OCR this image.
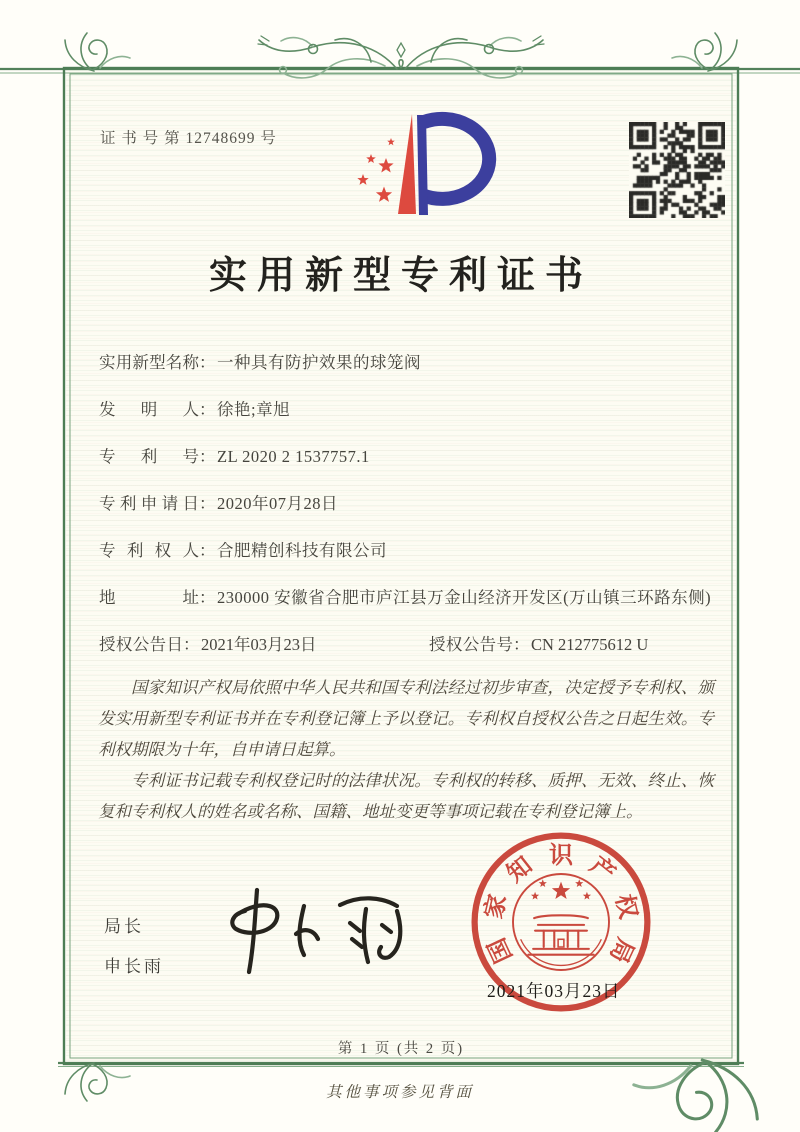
证 书 号 第 12748699 号
实用新型专利证书
实用新型名称 ： 一种具有防护效果的球笼阀
发明人 ： 徐艳;章旭
专利号 ： ZL 2020 2 1537757.1
专利申请日 ： 2020年07月28日
专利权人 ： 合肥精创科技有限公司
地址 ： 230000 安徽省合肥市庐江县万金山经济开发区(万山镇三环路东侧)
授权公告日 ： 2021年03月23日	授权公告号 ： CN 212775612 U

国家知识产权局依照中华人民共和国专利法经过初步审查，决定授予专利权、颁发实用新型专利证书并在专利登记簿上予以登记。专利权自授权公告之日起生效。专利权期限为十年，自申请日起算。

专利证书记载专利权登记时的法律状况。专利权的转移、质押、无效、终止、恢复和专利权人的姓名或名称、国籍、地址变更等事项记载在专利登记簿上。

局长
申长雨
国
家
知 识 产
权
局
2021年03月23日
第 1 页 (共 2 页)
其他事项参见背面
